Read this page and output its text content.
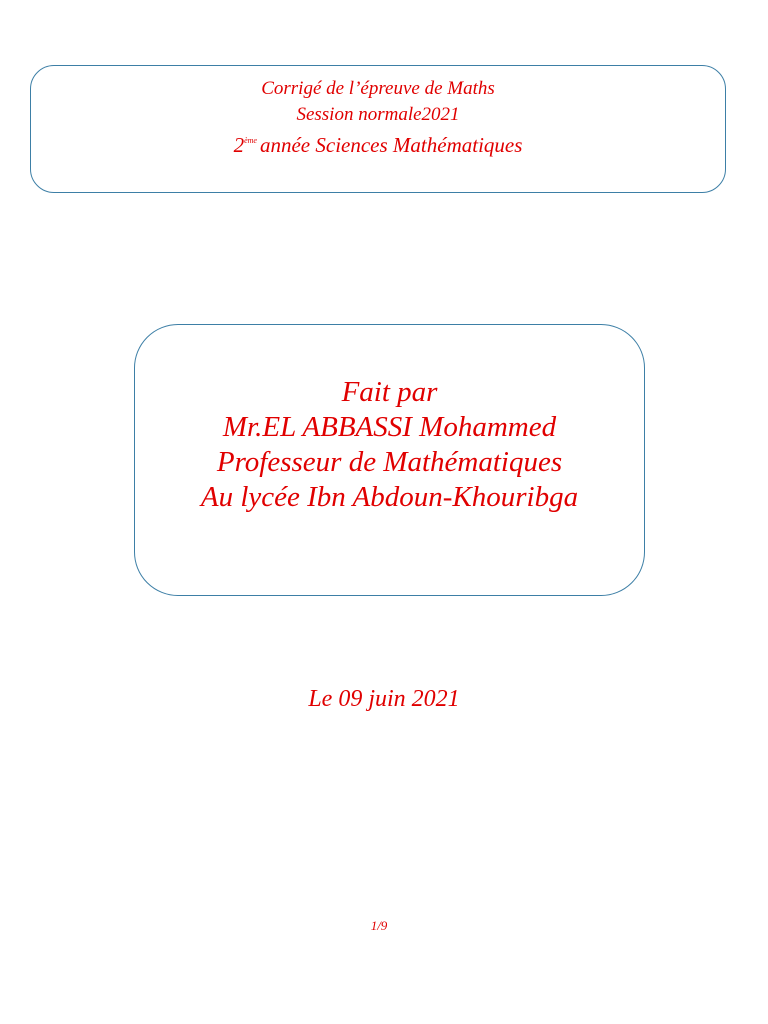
Corrigé de l’épreuve de Maths
Session normale2021
2ème année Sciences Mathématiques
Fait par
Mr.EL ABBASSI Mohammed
Professeur de Mathématiques
Au lycée Ibn Abdoun-Khouribga
Le 09 juin 2021
1/9
